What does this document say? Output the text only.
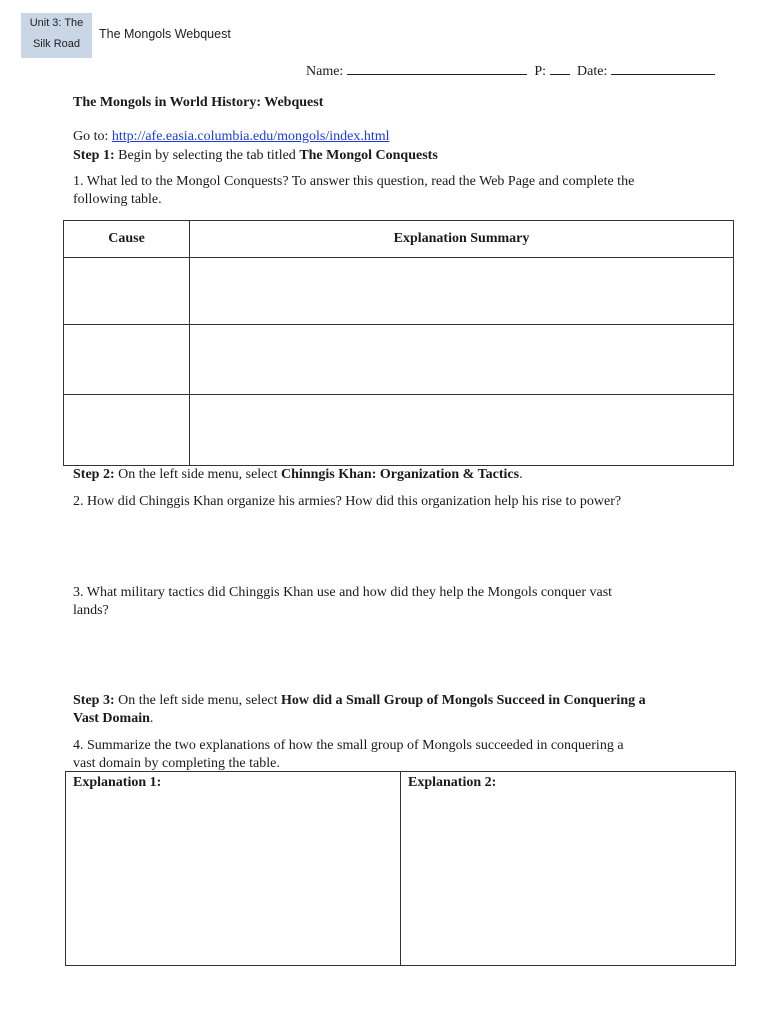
Unit 3: The
Silk Road
The Mongols Webquest
Name:	P: Date:
The Mongols in World History: Webquest
Go to: http://afe.easia.columbia.edu/mongols/index.html
Step 1: Begin by selecting the tab titled The Mongol Conquests
1. What led to the Mongol Conquests? To answer this question, read the Web Page and complete the
following table.
Cause	Explanation Summary

Step 2: On the left side menu, select Chinngis Khan: Organization & Tactics.
2. How did Chinggis Khan organize his armies? How did this organization help his rise to power?
3. What military tactics did Chinggis Khan use and how did they help the Mongols conquer vast
lands?
Step 3: On the left side menu, select How did a Small Group of Mongols Succeed in Conquering a
Vast Domain.
4. Summarize the two explanations of how the small group of Mongols succeeded in conquering a
vast domain by completing the table.
Explanation 1:	Explanation 2:
